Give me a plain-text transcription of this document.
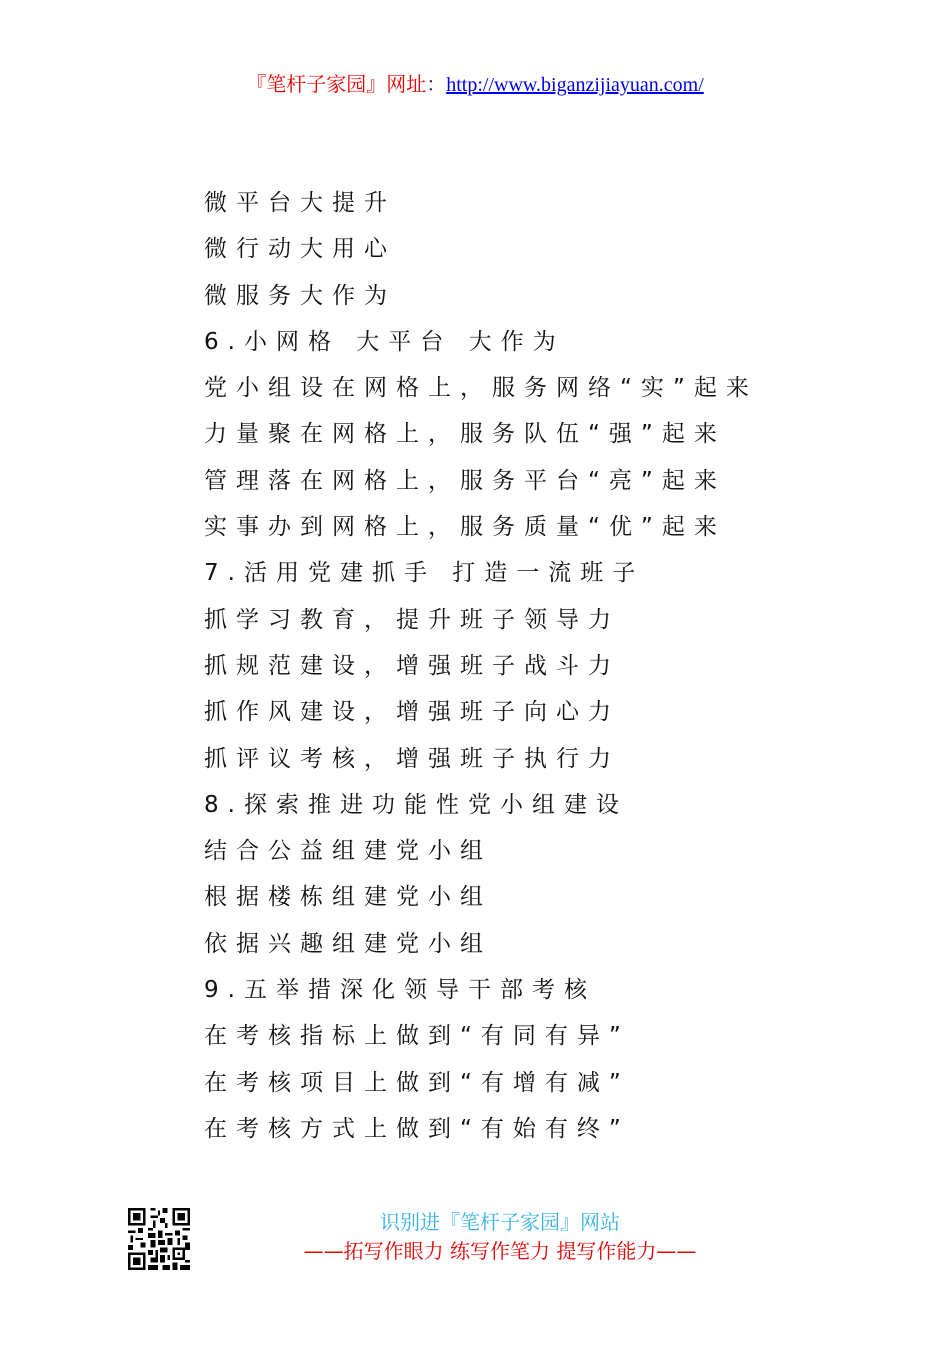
『笔杆子家园』网址：http://www.biganzijiayuan.com/
微平台大提升
微行动大用心
微服务大作为
6.小网格 大平台 大作为
党小组设在网格上，服务网络“实”起来
力量聚在网格上，服务队伍“强”起来
管理落在网格上，服务平台“亮”起来
实事办到网格上，服务质量“优”起来
7.活用党建抓手 打造一流班子
抓学习教育，提升班子领导力
抓规范建设，增强班子战斗力
抓作风建设，增强班子向心力
抓评议考核，增强班子执行力
8.探索推进功能性党小组建设
结合公益组建党小组
根据楼栋组建党小组
依据兴趣组建党小组
9.五举措深化领导干部考核
在考核指标上做到“有同有异”
在考核项目上做到“有增有减”
在考核方式上做到“有始有终”
识别进『笔杆子家园』网站
——拓写作眼力 练写作笔力 提写作能力——
